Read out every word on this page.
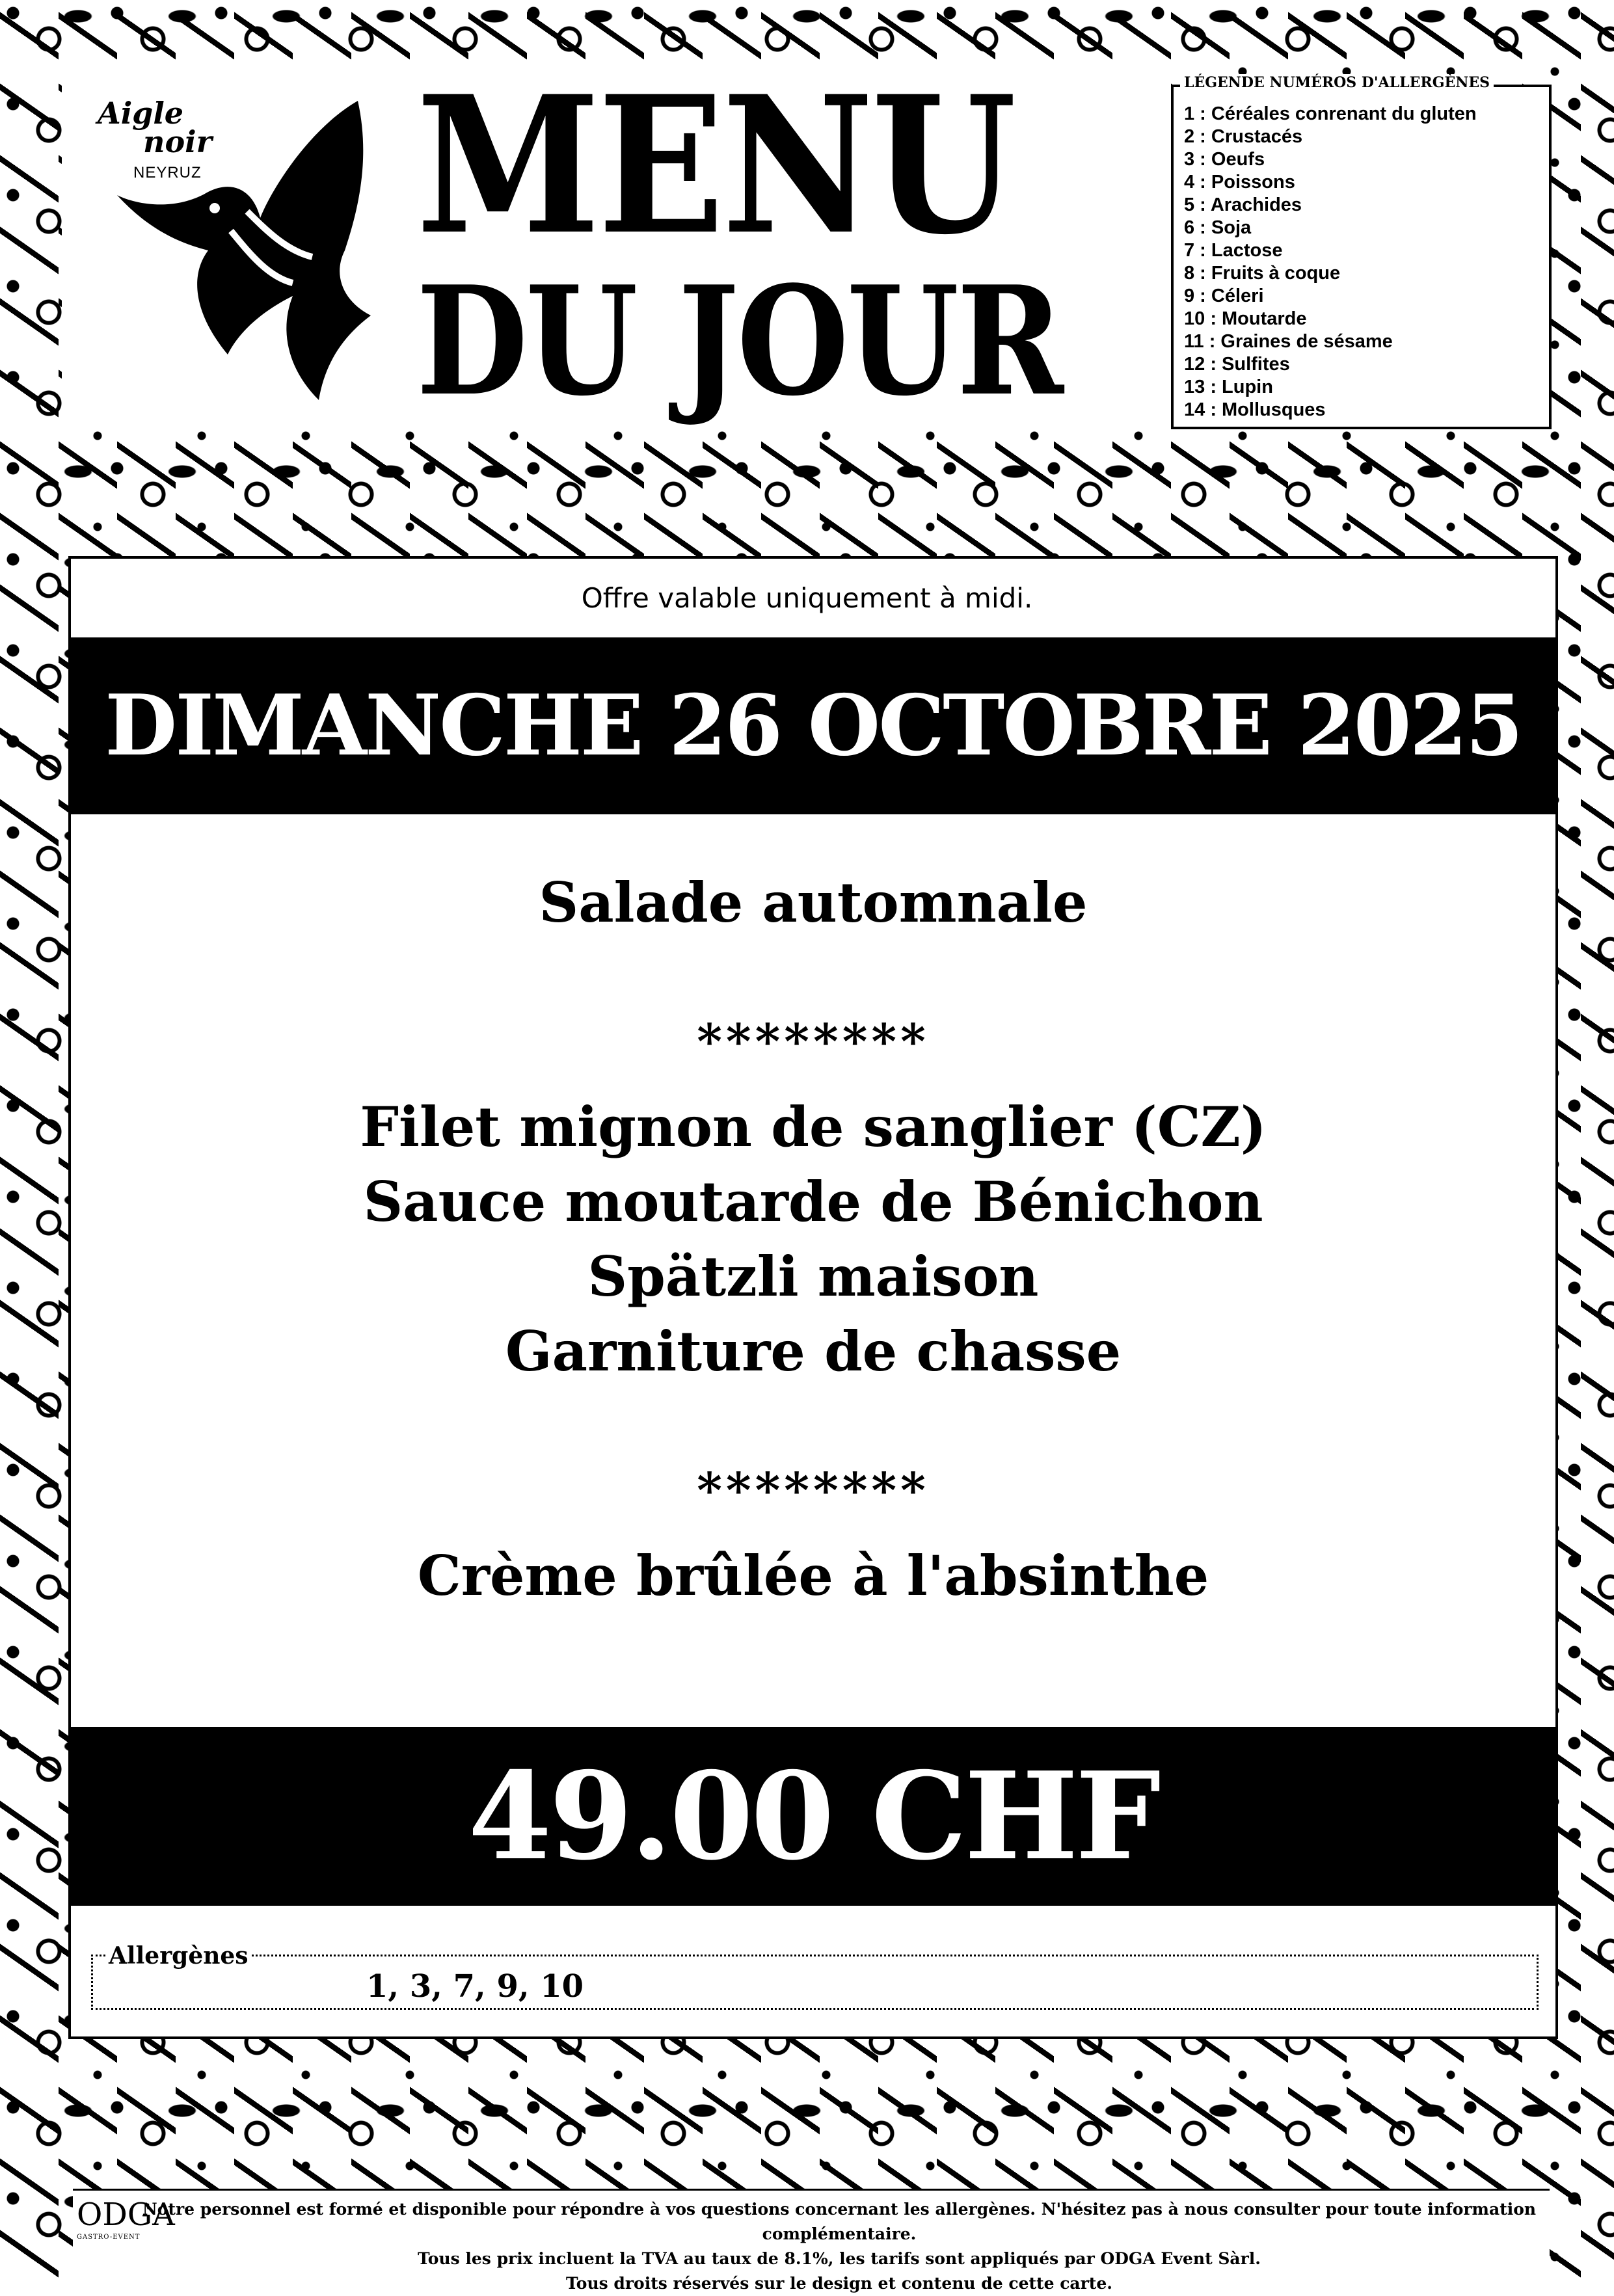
Aigle
noir
NEYRUZ MENU
DU JOUR
LÉGENDE NUMÉROS D'ALLERGÈNES
1 : Céréales conrenant du gluten
2 : Crustacés
3 : Oeufs
4 : Poissons
5 : Arachides
6 : Soja
7 : Lactose
8 : Fruits à coque
9 : Céleri
10 : Moutarde
11 : Graines de sésame
12 : Sulfites
13 : Lupin
14 : Mollusques
Offre valable uniquement à midi.
DIMANCHE 26 OCTOBRE 2025
Salade automnale
********
Filet mignon de sanglier (CZ)
Sauce moutarde de Bénichon
Spätzli maison
Garniture de chasse
********
Crème brûlée à l'absinthe
49.00 CHF
Allergènes
1, 3, 7, 9, 10
ODGA
GASTRO-EVENT
Notre personnel est formé et disponible pour répondre à vos questions concernant les allergènes. N'hésitez pas à nous consulter pour toute information complémentaire.
Tous les prix incluent la TVA au taux de 8.1%, les tarifs sont appliqués par ODGA Event Sàrl.
Tous droits réservés sur le design et contenu de cette carte.
